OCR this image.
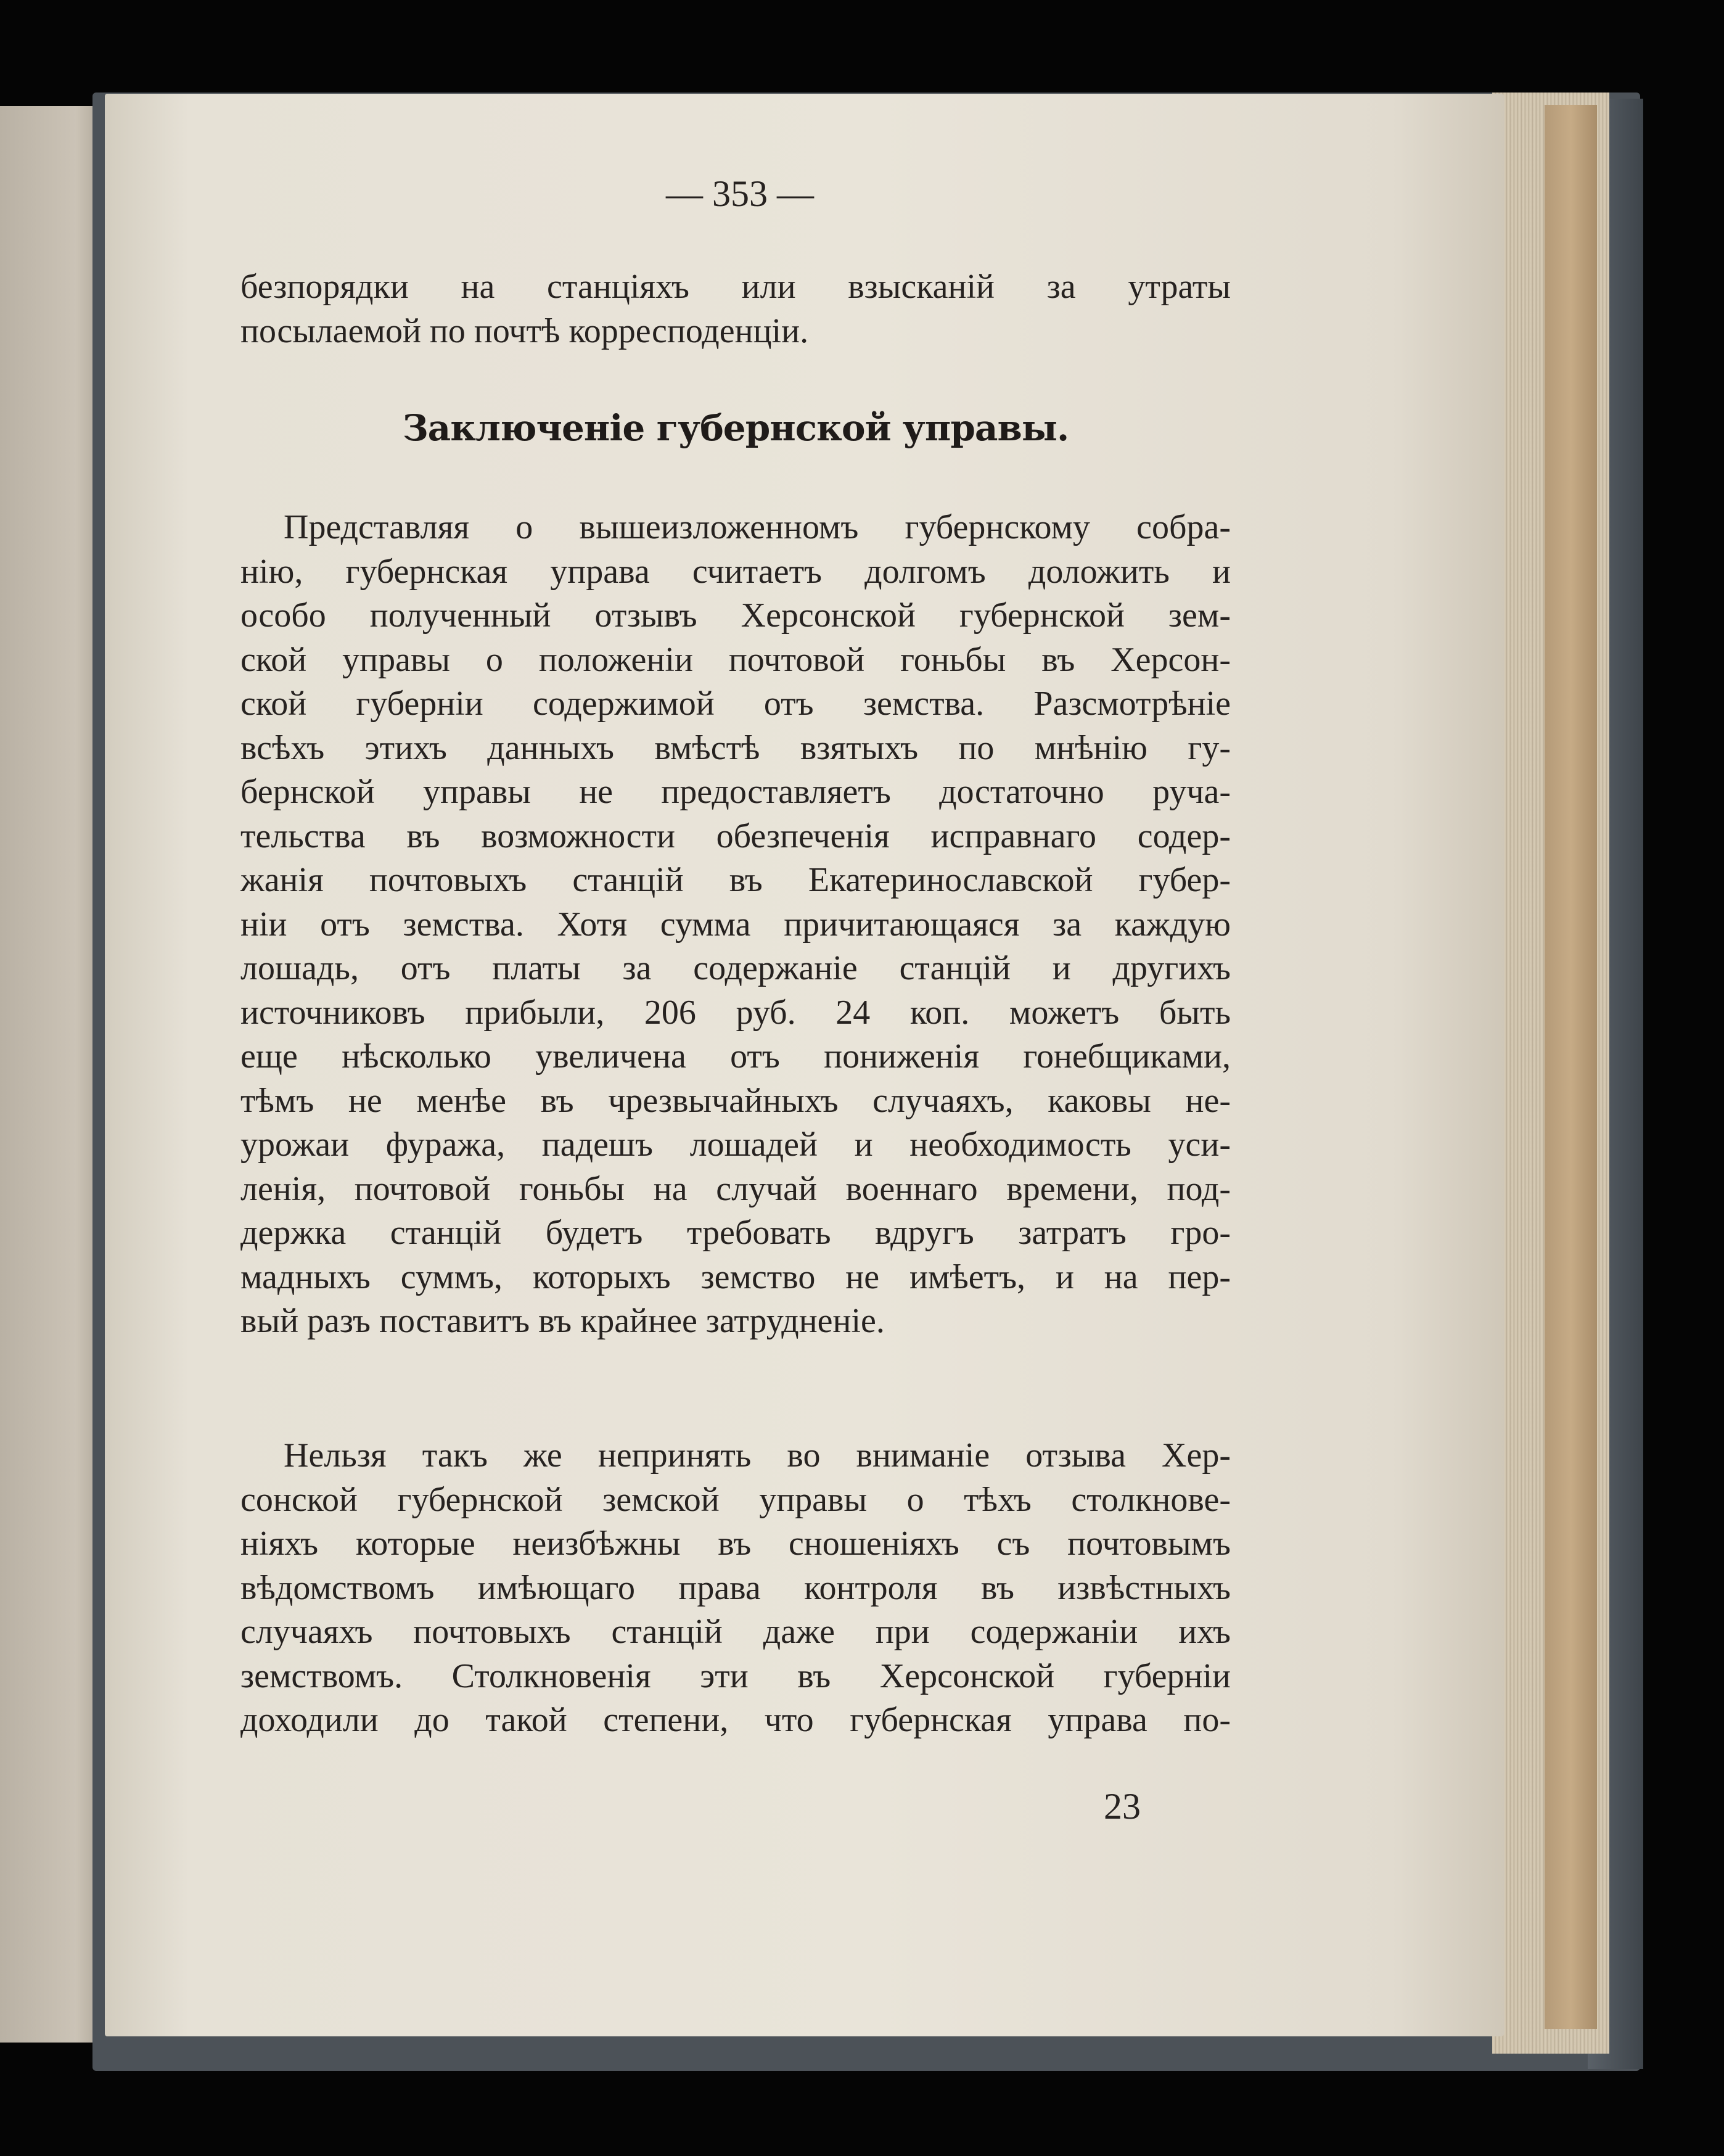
— 353 —
безпорядки на станціяхъ или взысканій за утраты
посылаемой по почтѣ корресподенціи.
Заключеніе губернской управы.
Представляя о вышеизложенномъ губернскому собра-
нію, губернская управа считаетъ долгомъ доложить и
особо полученный отзывъ Херсонской губернской зем-
ской управы о положеніи почтовой гоньбы въ Херсон-
ской губерніи содержимой отъ земства. Разсмотрѣніе
всѣхъ этихъ данныхъ вмѣстѣ взятыхъ по мнѣнію гу-
бернской управы не предоставляетъ достаточно руча-
тельства въ возможности обезпеченія исправнаго содер-
жанія почтовыхъ станцій въ Екатеринославской губер-
ніи отъ земства. Хотя сумма причитающаяся за каждую
лошадь, отъ платы за содержаніе станцій и другихъ
источниковъ прибыли, 206 руб. 24 коп. можетъ быть
еще нѣсколько увеличена отъ пониженія гонебщиками,
тѣмъ не менѣе въ чрезвычайныхъ случаяхъ, каковы не-
урожаи фуража, падешъ лошадей и необходимость уси-
ленія, почтовой гоньбы на случай военнаго времени, под-
держка станцій будетъ требовать вдругъ затратъ гро-
мадныхъ суммъ, которыхъ земство не имѣетъ, и на пер-
вый разъ поставитъ въ крайнее затрудненіе.
Нельзя такъ же непринять во вниманіе отзыва Хер-
сонской губернской земской управы о тѣхъ столкнове-
ніяхъ которые неизбѣжны въ сношеніяхъ съ почтовымъ
вѣдомствомъ имѣющаго права контроля въ извѣстныхъ
случаяхъ почтовыхъ станцій даже при содержаніи ихъ
земствомъ. Столкновенія эти въ Херсонской губерніи
доходили до такой степени, что губернская управа по-
23
